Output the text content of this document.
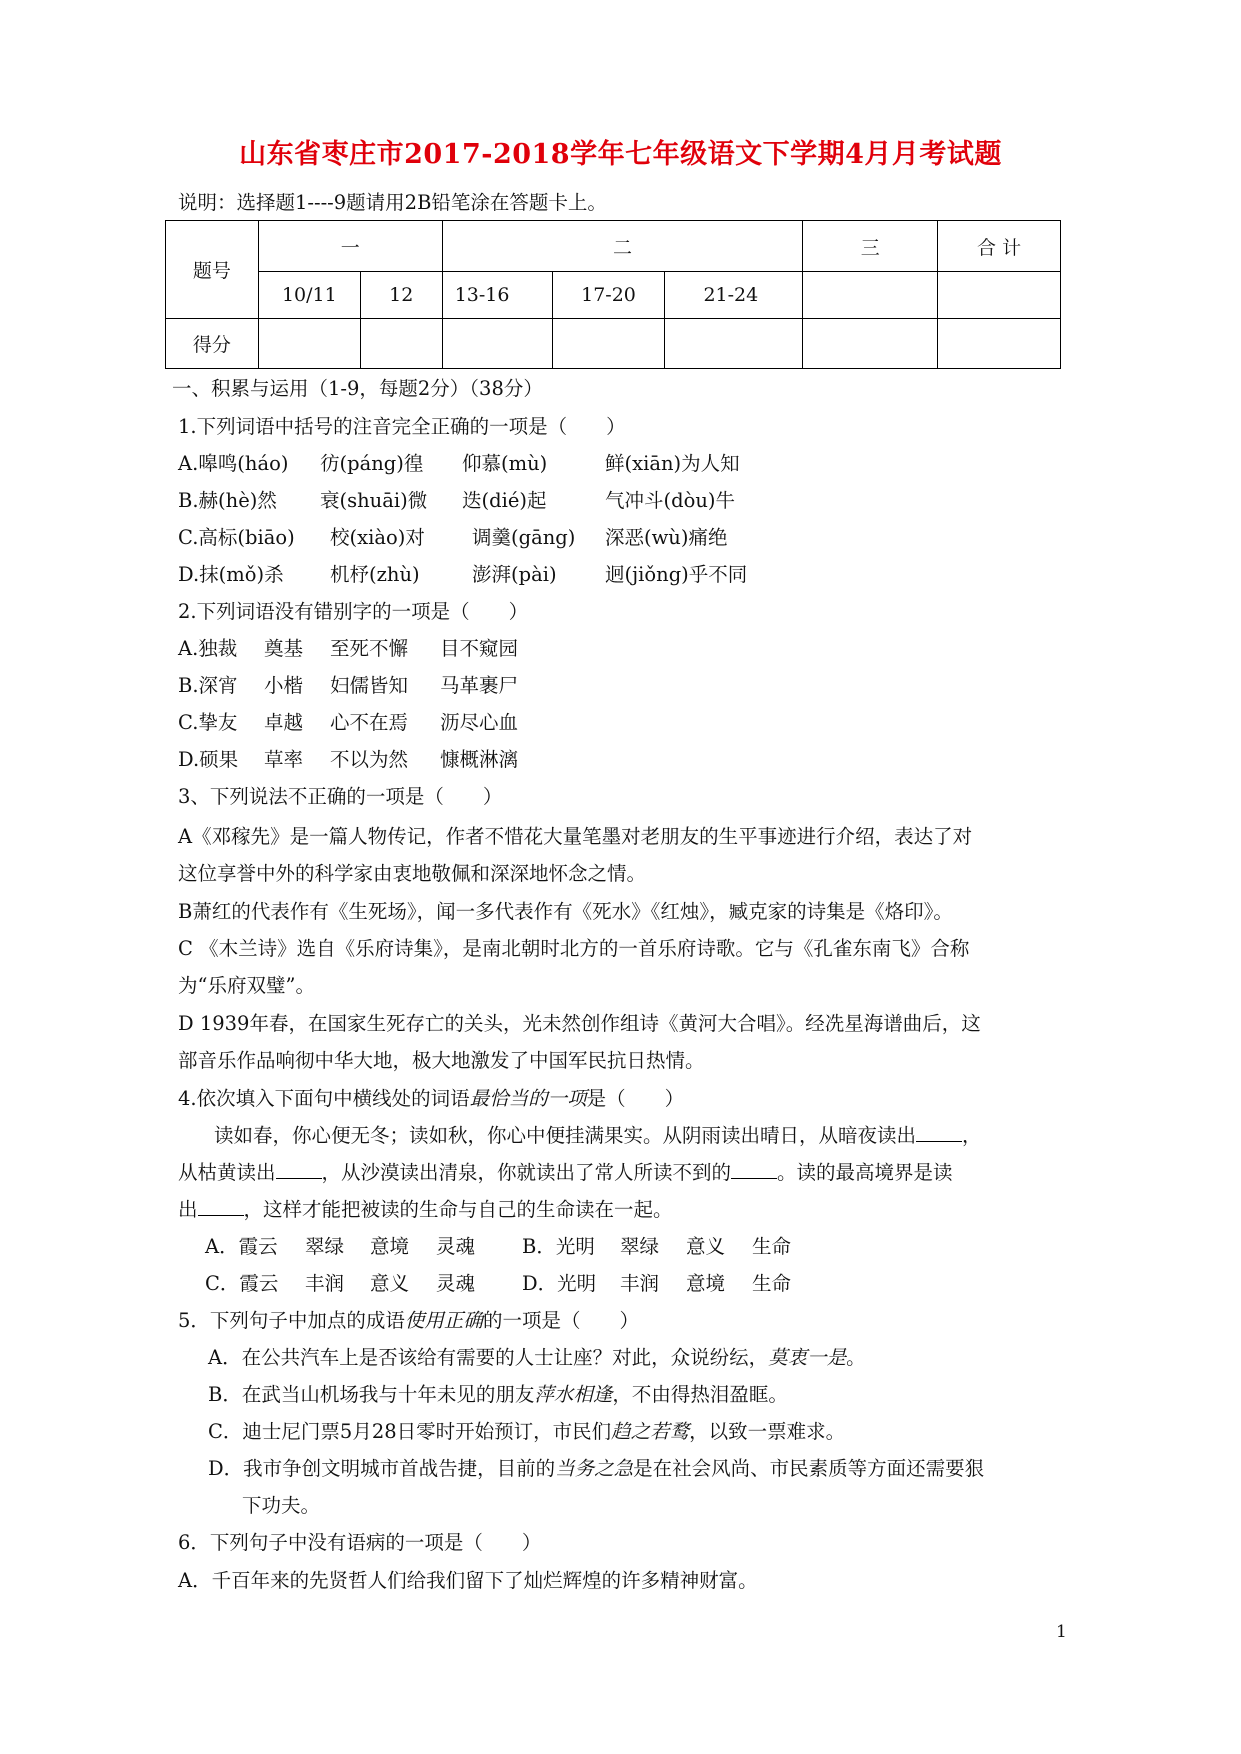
山东省枣庄市2017-2018学年七年级语文下学期4月月考试题
说明：选择题1----9题请用2B铅笔涂在答题卡上。
题号	一		二			三	合 计
	10/11	12	13-16	17-20	21-24		
得分							
一、积累与运用（1-9，每题2分）（38分）
1.下列词语中括号的注音完全正确的一项是（　　）
A.嗥鸣(háo) 彷(páng)徨 仰慕(mù)	鲜(xiān)为人知
B.赫(hè)然 衰(shuāi)微 迭(dié)起	气冲斗(dòu)牛
C.高标(biāo) 校(xiào)对 调羹(gāng) 深恶(wù)痛绝
D.抹(mǒ)杀 机杼(zhù)	澎湃(pài) 迥(jiǒng)乎不同
2.下列词语没有错别字的一项是（　　）
A.独裁 奠基 至死不懈 目不窥园
B.深宵 小楷 妇儒皆知 马革裹尸
C.挚友 卓越 心不在焉 沥尽心血
D.硕果 草率 不以为然 慷概淋漓
3、下列说法不正确的一项是（　　）
A《邓稼先》是一篇人物传记，作者不惜花大量笔墨对老朋友的生平事迹进行介绍，表达了对
这位享誉中外的科学家由衷地敬佩和深深地怀念之情。
B萧红的代表作有《生死场》，闻一多代表作有《死水》《红烛》，臧克家的诗集是《烙印》。
C 《木兰诗》选自《乐府诗集》，是南北朝时北方的一首乐府诗歌。它与《孔雀东南飞》合称
为“乐府双璧”。
D 1939年春，在国家生死存亡的关头，光未然创作组诗《黄河大合唱》。经冼星海谱曲后，这
部音乐作品响彻中华大地，极大地激发了中国军民抗日热情。
4.依次填入下面句中横线处的词语最恰当的一项是（　　）
读如春，你心便无冬；读如秋，你心中便挂满果实。从阴雨读出晴日，从暗夜读出 ，
从枯黄读出 ，从沙漠读出清泉，你就读出了常人所读不到的 。读的最高境界是读
出 ，这样才能把被读的生命与自己的生命读在一起。
A．霞云 翠绿 意境 灵魂 B．光明 翠绿 意义 生命
C．霞云 丰润 意义 灵魂 D．光明 丰润 意境 生命
5．下列句子中加点的成语使用正确的一项是（　　）
A．在公共汽车上是否该给有需要的人士让座？对此，众说纷纭，莫衷一是。
B．在武当山机场我与十年未见的朋友萍水相逢，不由得热泪盈眶。
C．迪士尼门票5月28日零时开始预订，市民们趋之若鹜，以致一票难求。
D．我市争创文明城市首战告捷，目前的当务之急是在社会风尚、市民素质等方面还需要狠
下功夫。
6．下列句子中没有语病的一项是（　　）
A．千百年来的先贤哲人们给我们留下了灿烂辉煌的许多精神财富。
1
